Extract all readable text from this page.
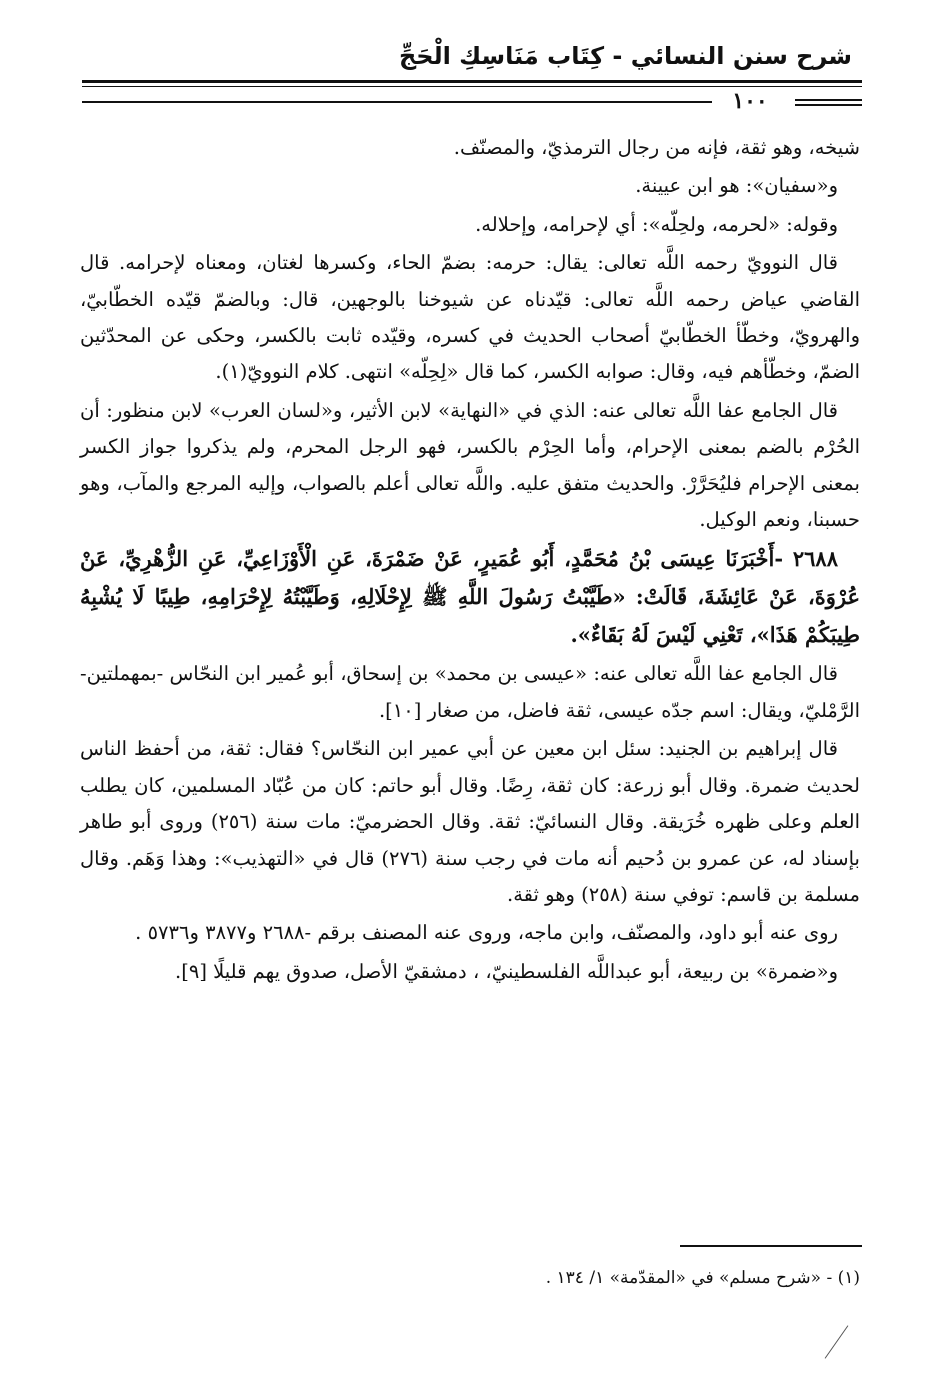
شرح سنن النسائي - كِتَاب مَنَاسِكِ الْحَجِّ
١٠٠

شيخه، وهو ثقة، فإنه من رجال الترمذيّ، والمصنّف.

و«سفيان»: هو ابن عيينة.

وقوله: «لحرمه، ولحِلّه»: أي لإحرامه، وإحلاله.

قال النوويّ رحمه اللَّه تعالى: يقال: حرمه: بضمّ الحاء، وكسرها لغتان، ومعناه لإحرامه. قال القاضي عياض رحمه اللَّه تعالى: قيّدناه عن شيوخنا بالوجهين، قال: وبالضمّ قيّده الخطّابيّ، والهرويّ، وخطّأ الخطّابيّ أصحاب الحديث في كسره، وقيّده ثابت بالكسر، وحكى عن المحدّثين الضمّ، وخطّأهم فيه، وقال: صوابه الكسر، كما قال «لِحِلّه» انتهى. كلام النوويّ(١).

قال الجامع عفا اللَّه تعالى عنه: الذي في «النهاية» لابن الأثير، و«لسان العرب» لابن منظور: أن الحُرْم بالضم بمعنى الإحرام، وأما الحِرْم بالكسر، فهو الرجل المحرم، ولم يذكروا جواز الكسر بمعنى الإحرام فليُحَرَّرْ. والحديث متفق عليه. واللَّه تعالى أعلم بالصواب، وإليه المرجع والمآب، وهو حسبنا، ونعم الوكيل.

٢٦٨٨ -أَخْبَرَنَا عِيسَى بْنُ مُحَمَّدٍ، أَبُو عُمَيرٍ، عَنْ ضَمْرَةَ، عَنِ الْأَوْزَاعِيِّ، عَنِ الزُّهْرِيِّ، عَنْ عُرْوَةَ، عَنْ عَائِشَةَ، قَالَتْ: «طَيَّبْتُ رَسُولَ اللَّهِ ﷺ لِإِحْلَالِهِ، وَطَيَّبْتُهُ لِإِحْرَامِهِ، طِيبًا لَا يُشْبِهُ طِيبَكُمْ هَذَا»، تَعْنِي لَيْسَ لَهُ بَقَاءٌ».

قال الجامع عفا اللَّه تعالى عنه: «عيسى بن محمد» بن إسحاق، أبو عُمير ابن النحّاس -بمهملتين- الرَّمْليّ، ويقال: اسم جدّه عيسى، ثقة فاضل، من صغار [١٠].

قال إبراهيم بن الجنيد: سئل ابن معين عن أبي عمير ابن النحّاس؟ فقال: ثقة، من أحفظ الناس لحديث ضمرة. وقال أبو زرعة: كان ثقة، رِضًا. وقال أبو حاتم: كان من عُبّاد المسلمين، كان يطلب العلم وعلى ظهره خُرَيقة. وقال النسائيّ: ثقة. وقال الحضرميّ: مات سنة (٢٥٦) وروى أبو طاهر بإسناد له، عن عمرو بن دُحيم أنه مات في رجب سنة (٢٧٦) قال في «التهذيب»: وهذا وَهَم. وقال مسلمة بن قاسم: توفي سنة (٢٥٨) وهو ثقة.

روى عنه أبو داود، والمصنّف، وابن ماجه، وروى عنه المصنف برقم -٢٦٨٨ و٣٨٧٧ و٥٧٣٦ .

و«ضمرة» بن ربيعة، أبو عبداللَّه الفلسطينيّ، ، دمشقيّ الأصل، صدوق يهم قليلًا [٩].

(١) - «شرح مسلم» في «المقدّمة» ١/ ١٣٤ .
